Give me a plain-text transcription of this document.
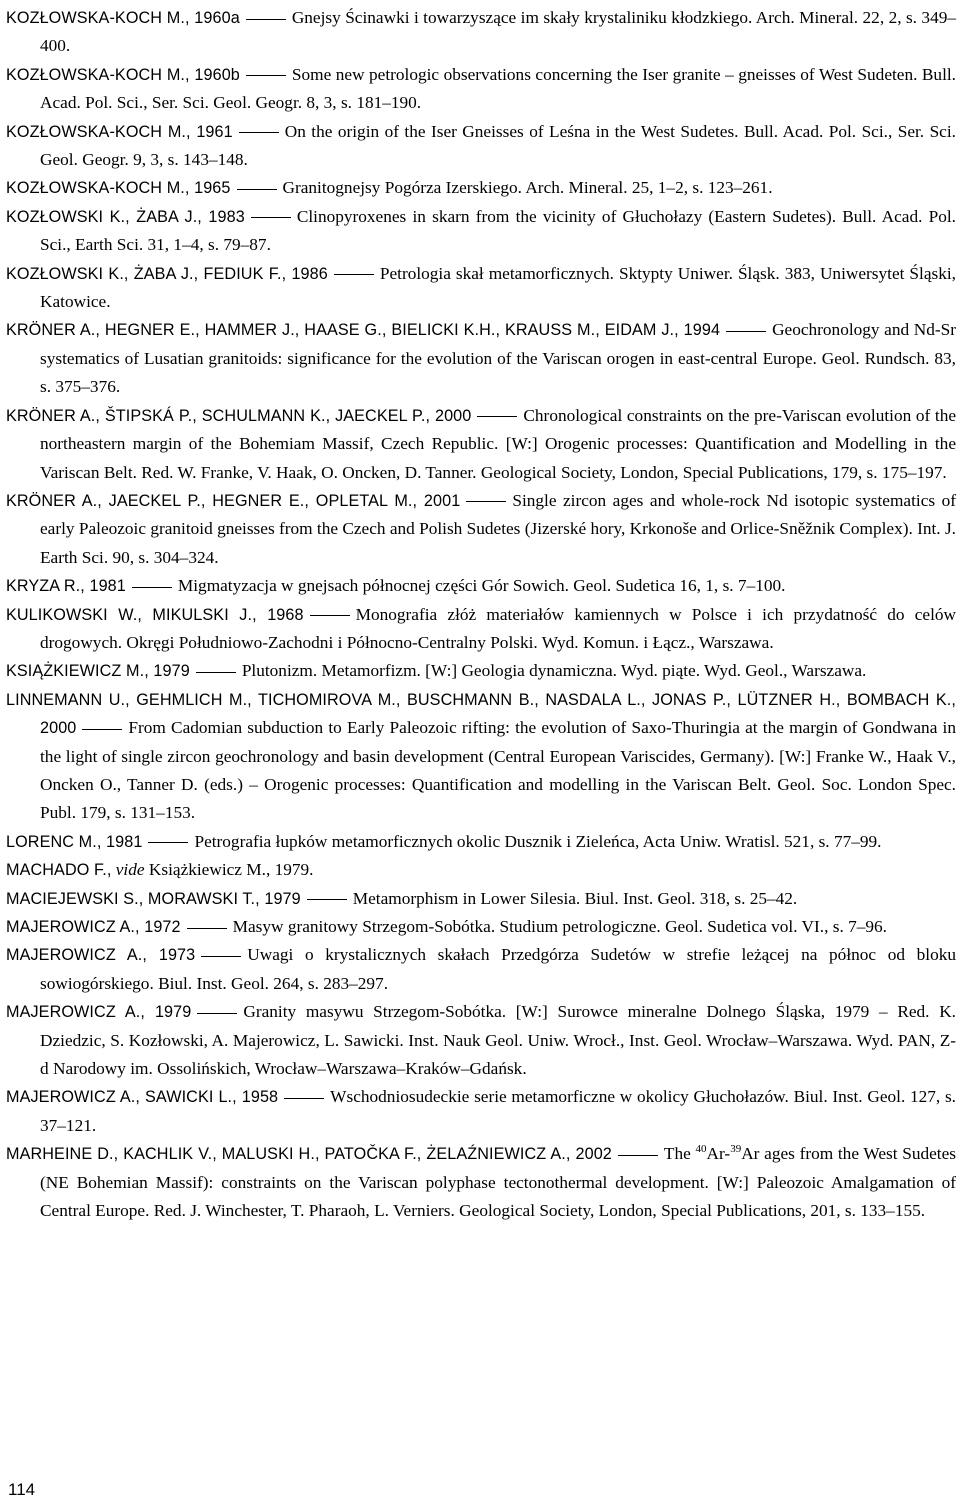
KOZŁOWSKA-KOCH M., 1960a	Gnejsy Ścinawki i towarzyszące im skały krystaliniku kłodzkiego. Arch. Mineral. 22, 2, s. 349–400.

KOZŁOWSKA-KOCH M., 1960b	Some new petrologic observations concerning the Iser granite – gneisses of West Sudeten. Bull. Acad. Pol. Sci., Ser. Sci. Geol. Geogr. 8, 3, s. 181–190.

KOZŁOWSKA-KOCH M., 1961	On the origin of the Iser Gneisses of Leśna in the West Sudetes. Bull. Acad. Pol. Sci., Ser. Sci. Geol. Geogr. 9, 3, s. 143–148.

KOZŁOWSKA-KOCH M., 1965	Granitognejsy Pogórza Izerskiego. Arch. Mineral. 25, 1–2, s. 123–261.

KOZŁOWSKI K., ŻABA J., 1983	Clinopyroxenes in skarn from the vicinity of Głuchołazy (Eastern Sudetes). Bull. Acad. Pol. Sci., Earth Sci. 31, 1–4, s. 79–87.

KOZŁOWSKI K., ŻABA J., FEDIUK F., 1986	Petrologia skał metamorficznych. Sktypty Uniwer. Śląsk. 383, Uniwersytet Śląski, Katowice.

KRÖNER A., HEGNER E., HAMMER J., HAASE G., BIELICKI K.H., KRAUSS M., EIDAM J., 1994	Geochronology and Nd-Sr systematics of Lusatian granitoids: significance for the evolution of the Variscan orogen in east-central Europe. Geol. Rundsch. 83, s. 375–376.

KRÖNER A., ŠTIPSKÁ P., SCHULMANN K., JAECKEL P., 2000	Chronological constraints on the pre-Variscan evolution of the northeastern margin of the Bohemiam Massif, Czech Republic. [W:] Orogenic processes: Quantification and Modelling in the Variscan Belt. Red. W. Franke, V. Haak, O. Oncken, D. Tanner. Geological Society, London, Special Publications, 179, s. 175–197.

KRÖNER A., JAECKEL P., HEGNER E., OPLETAL M., 2001	Single zircon ages and whole-rock Nd isotopic systematics of early Paleozoic granitoid gneisses from the Czech and Polish Sudetes (Jizerské hory, Krkonoše and Orlice-Sněžnik Complex). Int. J. Earth Sci. 90, s. 304–324.

KRYZA R., 1981	Migmatyzacja w gnejsach północnej części Gór Sowich. Geol. Sudetica 16, 1, s. 7–100.

KULIKOWSKI W., MIKULSKI J., 1968	Monografia złóż materiałów kamiennych w Polsce i ich przydatność do celów drogowych. Okręgi Południowo-Zachodni i Północno-Centralny Polski. Wyd. Komun. i Łącz., Warszawa.

KSIĄŻKIEWICZ M., 1979	Plutonizm. Metamorfizm. [W:] Geologia dynamiczna. Wyd. piąte. Wyd. Geol., Warszawa.

LINNEMANN U., GEHMLICH M., TICHOMIROVA M., BUSCHMANN B., NASDALA L., JONAS P., LÜTZNER H., BOMBACH K., 2000	From Cadomian subduction to Early Paleozoic rifting: the evolution of Saxo-Thuringia at the margin of Gondwana in the light of single zircon geochronology and basin development (Central European Variscides, Germany). [W:] Franke W., Haak V., Oncken O., Tanner D. (eds.) – Orogenic processes: Quantification and modelling in the Variscan Belt. Geol. Soc. London Spec. Publ. 179, s. 131–153.

LORENC M., 1981	Petrografia łupków metamorficznych okolic Dusznik i Zieleńca, Acta Uniw. Wratisl. 521, s. 77–99.

MACHADO F., vide Książkiewicz M., 1979.

MACIEJEWSKI S., MORAWSKI T., 1979	Metamorphism in Lower Silesia. Biul. Inst. Geol. 318, s. 25–42.

MAJEROWICZ A., 1972	Masyw granitowy Strzegom-Sobótka. Studium petrologiczne. Geol. Sudetica vol. VI., s. 7–96.

MAJEROWICZ A., 1973	Uwagi o krystalicznych skałach Przedgórza Sudetów w strefie leżącej na północ od bloku sowiogórskiego. Biul. Inst. Geol. 264, s. 283–297.

MAJEROWICZ A., 1979	Granity masywu Strzegom-Sobótka. [W:] Surowce mineralne Dolnego Śląska, 1979 – Red. K. Dziedzic, S. Kozłowski, A. Majerowicz, L. Sawicki. Inst. Nauk Geol. Uniw. Wrocł., Inst. Geol. Wrocław–Warszawa. Wyd. PAN, Z-d Narodowy im. Ossolińskich, Wrocław–Warszawa–Kraków–Gdańsk.

MAJEROWICZ A., SAWICKI L., 1958	Wschodniosudeckie serie metamorficzne w okolicy Głuchołazów. Biul. Inst. Geol. 127, s. 37–121.

MARHEINE D., KACHLIK V., MALUSKI H., PATOČKA F., ŻELAŹNIEWICZ A., 2002	The $^{40}$Ar-$^{39}$Ar ages from the West Sudetes (NE Bohemian Massif): constraints on the Variscan polyphase tectonothermal development. [W:] Paleozoic Amalgamation of Central Europe. Red. J. Winchester, T. Pharaoh, L. Verniers. Geological Society, London, Special Publications, 201, s. 133–155.

114
